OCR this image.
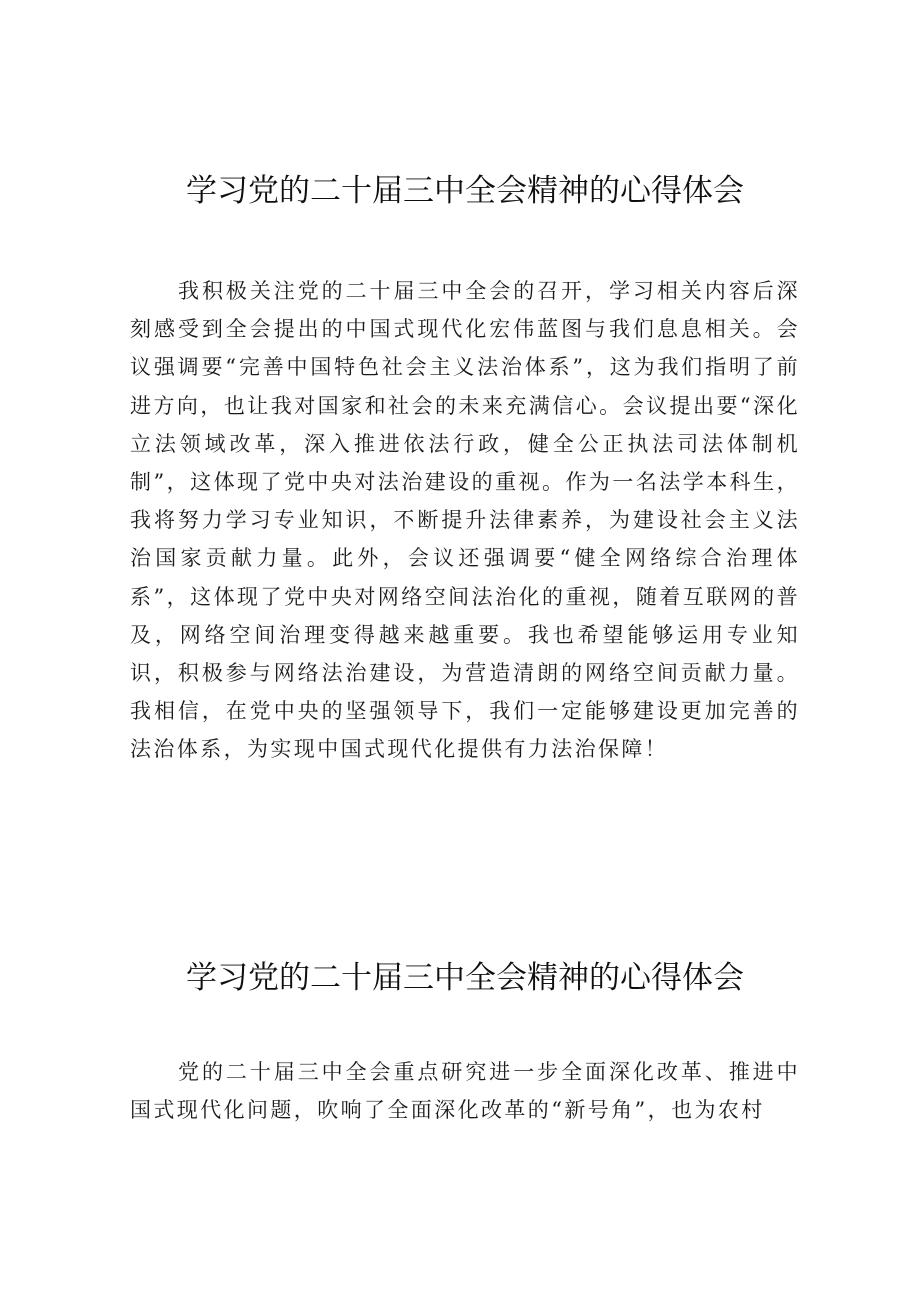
学习党的二十届三中全会精神的心得体会

我积极关注党的二十届三中全会的召开，学习相关内容后深刻感受到全会提出的中国式现代化宏伟蓝图与我们息息相关。会议强调要“完善中国特色社会主义法治体系”，这为我们指明了前进方向，也让我对国家和社会的未来充满信心。会议提出要“深化立法领域改革，深入推进依法行政，健全公正执法司法体制机制”，这体现了党中央对法治建设的重视。作为一名法学本科生，我将努力学习专业知识，不断提升法律素养，为建设社会主义法治国家贡献力量。此外，会议还强调要“健全网络综合治理体系”，这体现了党中央对网络空间法治化的重视，随着互联网的普及，网络空间治理变得越来越重要。我也希望能够运用专业知识，积极参与网络法治建设，为营造清朗的网络空间贡献力量。我相信，在党中央的坚强领导下，我们一定能够建设更加完善的法治体系，为实现中国式现代化提供有力法治保障！

学习党的二十届三中全会精神的心得体会

党的二十届三中全会重点研究进一步全面深化改革、推进中国式现代化问题，吹响了全面深化改革的“新号角”，也为农村
